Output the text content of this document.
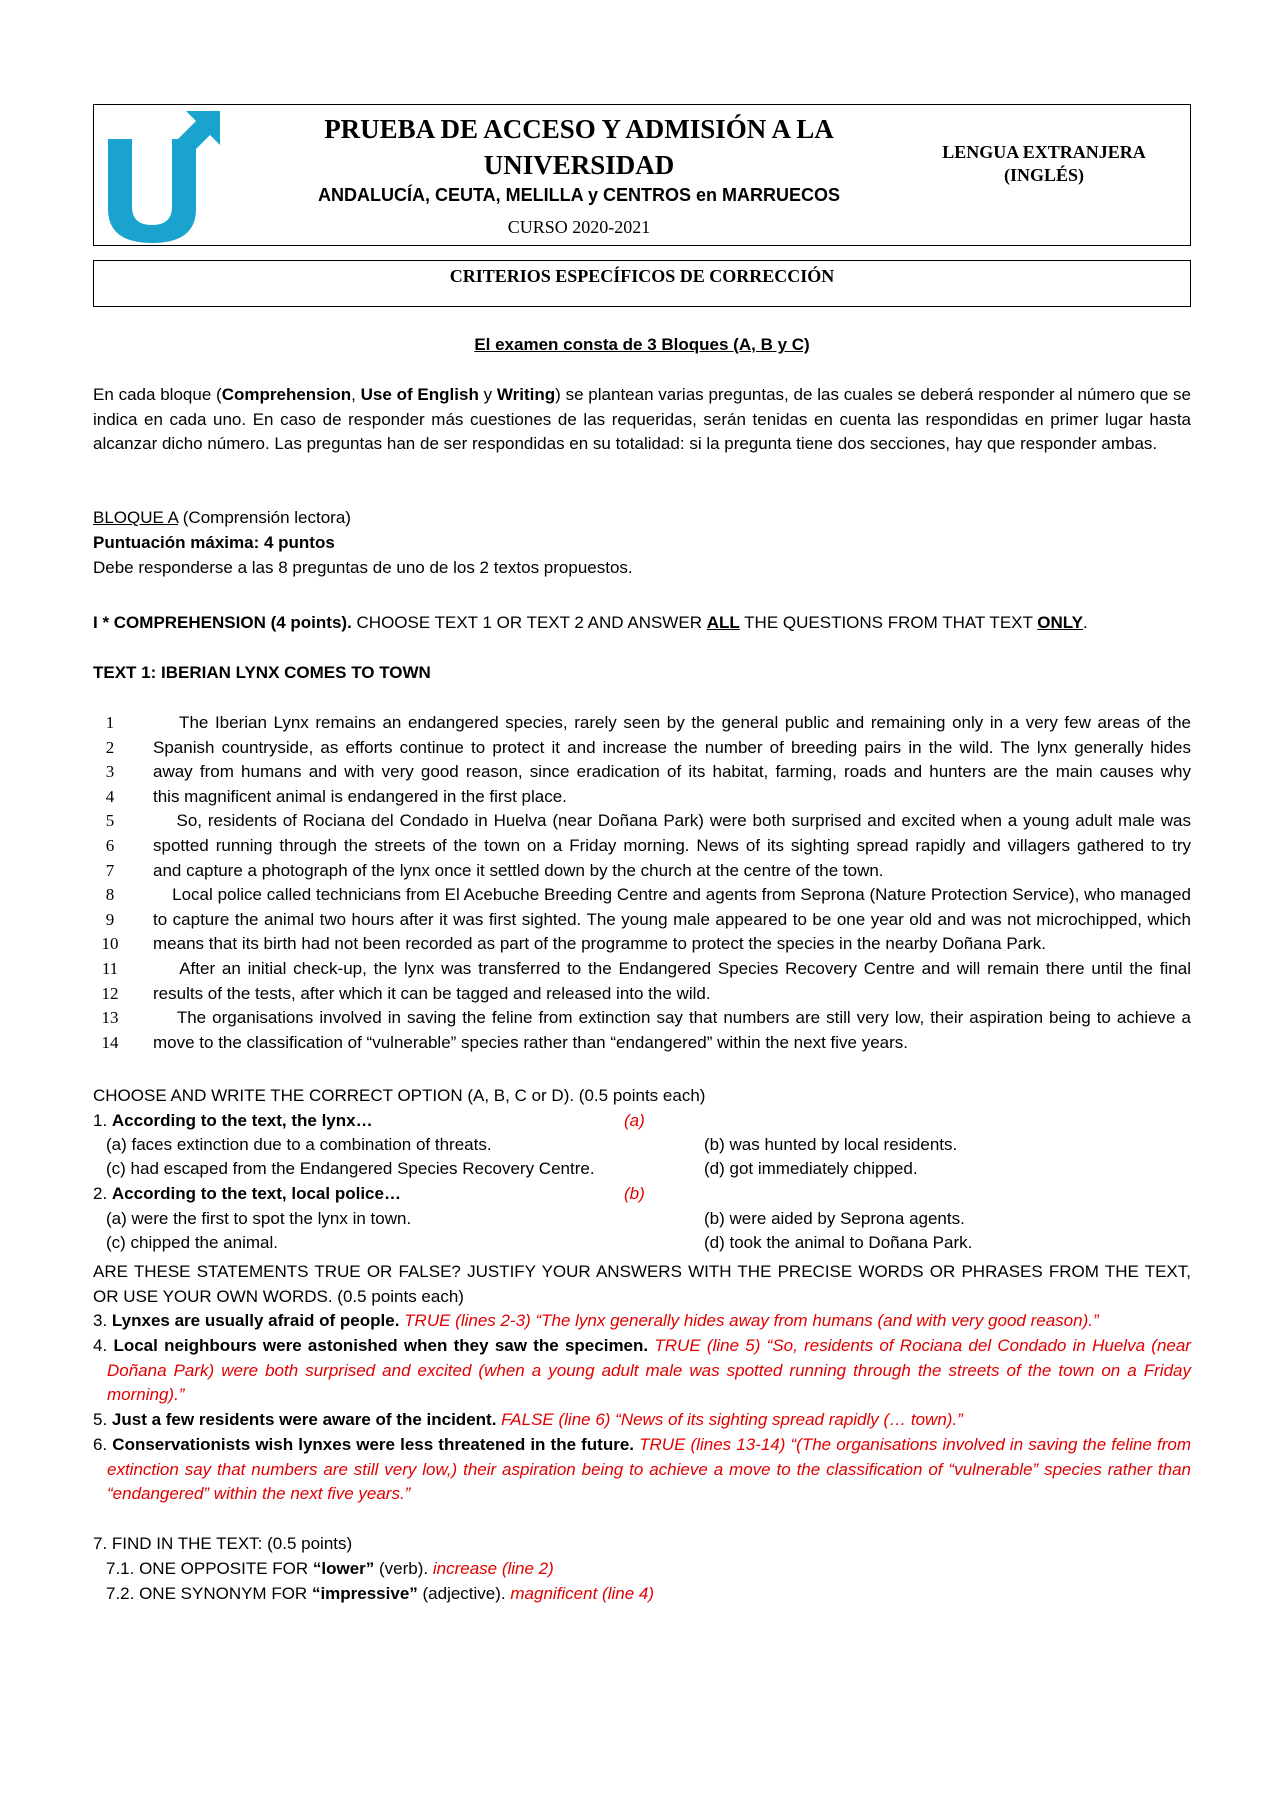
PRUEBA DE ACCESO Y ADMISIÓN A LA UNIVERSIDAD
ANDALUCÍA, CEUTA, MELILLA y CENTROS en MARRUECOS
CURSO 2020-2021
LENGUA EXTRANJERA (INGLÉS)
CRITERIOS ESPECÍFICOS DE CORRECCIÓN
El examen consta de 3 Bloques (A, B y C)
En cada bloque (Comprehension, Use of English y Writing) se plantean varias preguntas, de las cuales se deberá responder al número que se indica en cada uno. En caso de responder más cuestiones de las requeridas, serán tenidas en cuenta las respondidas en primer lugar hasta alcanzar dicho número. Las preguntas han de ser respondidas en su totalidad: si la pregunta tiene dos secciones, hay que responder ambas.
BLOQUE A (Comprensión lectora)
Puntuación máxima: 4 puntos
Debe responderse a las 8 preguntas de uno de los 2 textos propuestos.
I * COMPREHENSION (4 points). CHOOSE TEXT 1 OR TEXT 2 AND ANSWER ALL THE QUESTIONS FROM THAT TEXT ONLY.
TEXT 1: IBERIAN LYNX COMES TO TOWN
1	The Iberian Lynx remains an endangered species, rarely seen by the general public and remaining only in a very few areas of the
2	Spanish countryside, as efforts continue to protect it and increase the number of breeding pairs in the wild. The lynx generally hides
3	away from humans and with very good reason, since eradication of its habitat, farming, roads and hunters are the main causes why
4	this magnificent animal is endangered in the first place.
5	So, residents of Rociana del Condado in Huelva (near Doñana Park) were both surprised and excited when a young adult male was
6	spotted running through the streets of the town on a Friday morning. News of its sighting spread rapidly and villagers gathered to try
7	and capture a photograph of the lynx once it settled down by the church at the centre of the town.
8	Local police called technicians from El Acebuche Breeding Centre and agents from Seprona (Nature Protection Service), who managed
9	to capture the animal two hours after it was first sighted. The young male appeared to be one year old and was not microchipped, which
10	means that its birth had not been recorded as part of the programme to protect the species in the nearby Doñana Park.
11	After an initial check-up, the lynx was transferred to the Endangered Species Recovery Centre and will remain there until the final
12	results of the tests, after which it can be tagged and released into the wild.
13	The organisations involved in saving the feline from extinction say that numbers are still very low, their aspiration being to achieve a
14	move to the classification of “vulnerable” species rather than “endangered” within the next five years.
CHOOSE AND WRITE THE CORRECT OPTION (A, B, C or D). (0.5 points each)
1. According to the text, the lynx…	(a)
(a) faces extinction due to a combination of threats.	(b) was hunted by local residents.
(c) had escaped from the Endangered Species Recovery Centre.	(d) got immediately chipped.
2. According to the text, local police…	(b)
(a) were the first to spot the lynx in town.	(b) were aided by Seprona agents.
(c) chipped the animal.	(d) took the animal to Doñana Park.
ARE THESE STATEMENTS TRUE OR FALSE? JUSTIFY YOUR ANSWERS WITH THE PRECISE WORDS OR PHRASES FROM THE TEXT, OR USE YOUR OWN WORDS. (0.5 points each)
3. Lynxes are usually afraid of people. TRUE (lines 2-3) “The lynx generally hides away from humans (and with very good reason).”
4. Local neighbours were astonished when they saw the specimen. TRUE (line 5) “So, residents of Rociana del Condado in Huelva (near Doñana Park) were both surprised and excited (when a young adult male was spotted running through the streets of the town on a Friday morning).”
5. Just a few residents were aware of the incident. FALSE (line 6) “News of its sighting spread rapidly (… town).”
6. Conservationists wish lynxes were less threatened in the future. TRUE (lines 13-14) “(The organisations involved in saving the feline from extinction say that numbers are still very low,) their aspiration being to achieve a move to the classification of “vulnerable” species rather than “endangered” within the next five years.”
7. FIND IN THE TEXT: (0.5 points)
7.1. ONE OPPOSITE FOR “lower” (verb). increase (line 2)
7.2. ONE SYNONYM FOR “impressive” (adjective). magnificent (line 4)
